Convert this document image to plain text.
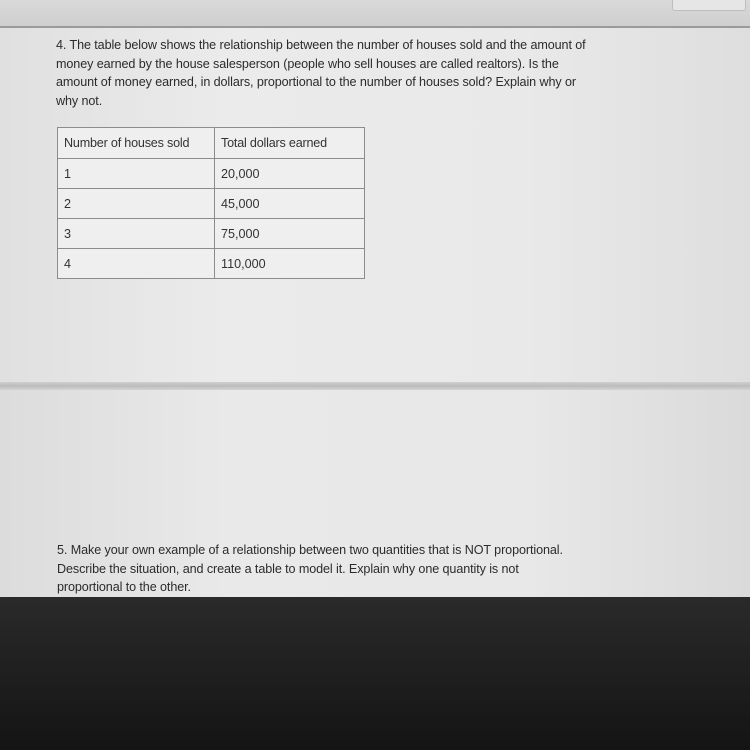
4. The table below shows the relationship between the number of houses sold and the amount of
money earned by the house salesperson (people who sell houses are called realtors). Is the
amount of money earned, in dollars, proportional to the number of houses sold? Explain why or
why not.
Number of houses sold	Total dollars earned
1	20,000
2	45,000
3	75,000
4	110,000
5. Make your own example of a relationship between two quantities that is NOT proportional.
Describe the situation, and create a table to model it. Explain why one quantity is not
proportional to the other.
